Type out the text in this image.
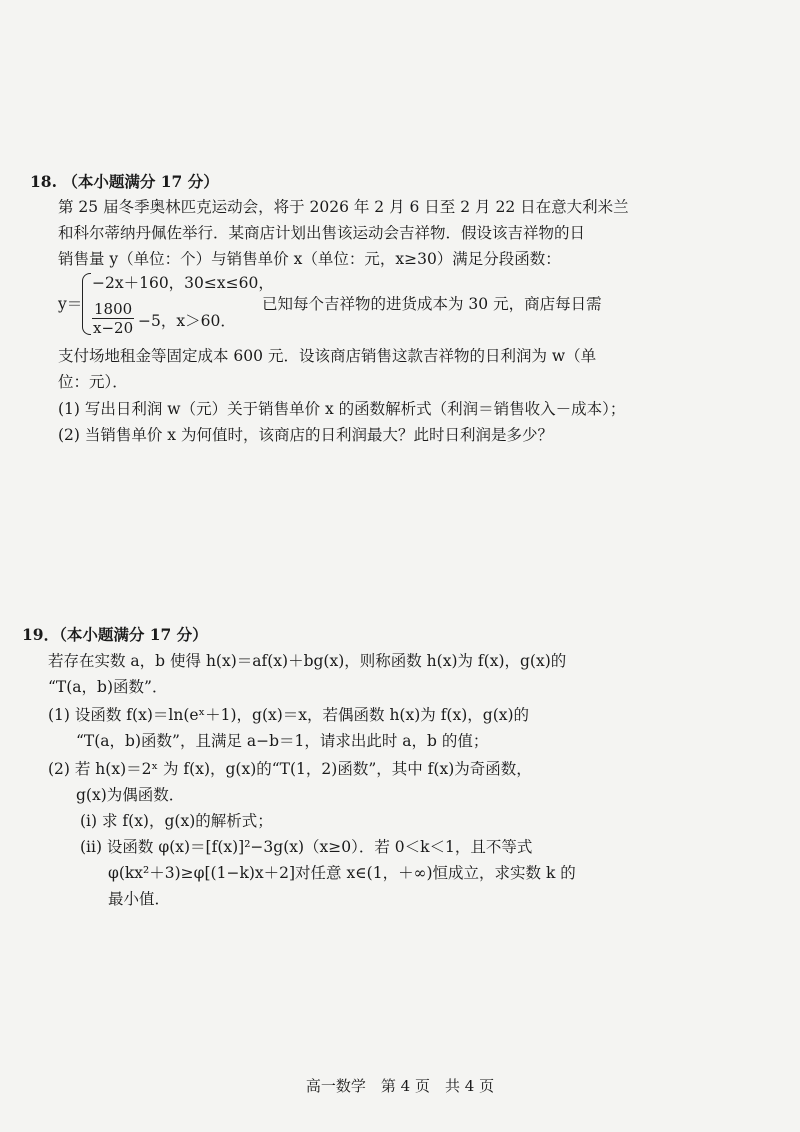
18. （本小题满分 17 分）
第 25 届冬季奥林匹克运动会，将于 2026 年 2 月 6 日至 2 月 22 日在意大利米兰
和科尔蒂纳丹佩佐举行．某商店计划出售该运动会吉祥物．假设该吉祥物的日
销售量 y（单位：个）与销售单价 x（单位：元，x≥30）满足分段函数：
y＝
−2x＋160，30≤x≤60，
$\frac{1800}{x-20} -5$，x＞60．
已知每个吉祥物的进货成本为 30 元，商店每日需
支付场地租金等固定成本 600 元．设该商店销售这款吉祥物的日利润为 w（单
位：元）．
(1) 写出日利润 w（元）关于销售单价 x 的函数解析式（利润＝销售收入－成本）；
(2) 当销售单价 x 为何值时，该商店的日利润最大？此时日利润是多少？
19．（本小题满分 17 分）
若存在实数 a，b 使得 h(x)＝af(x)＋bg(x)，则称函数 h(x)为 f(x)，g(x)的
“T(a，b)函数”．
(1) 设函数 f(x)＝ln(eˣ＋1)，g(x)＝x，若偶函数 h(x)为 f(x)，g(x)的
“T(a，b)函数”，且满足 a−b＝1，请求出此时 a，b 的值；
(2) 若 h(x)＝2ˣ 为 f(x)，g(x)的“T(1，2)函数”，其中 f(x)为奇函数，
g(x)为偶函数．
(i) 求 f(x)，g(x)的解析式；
(ii) 设函数 φ(x)＝[f(x)]²−3g(x)（x≥0）．若 0＜k＜1，且不等式
φ(kx²＋3)≥φ[(1−k)x＋2]对任意 x∈(1，＋∞)恒成立，求实数 k 的
最小值．
高一数学　第 4 页　共 4 页
